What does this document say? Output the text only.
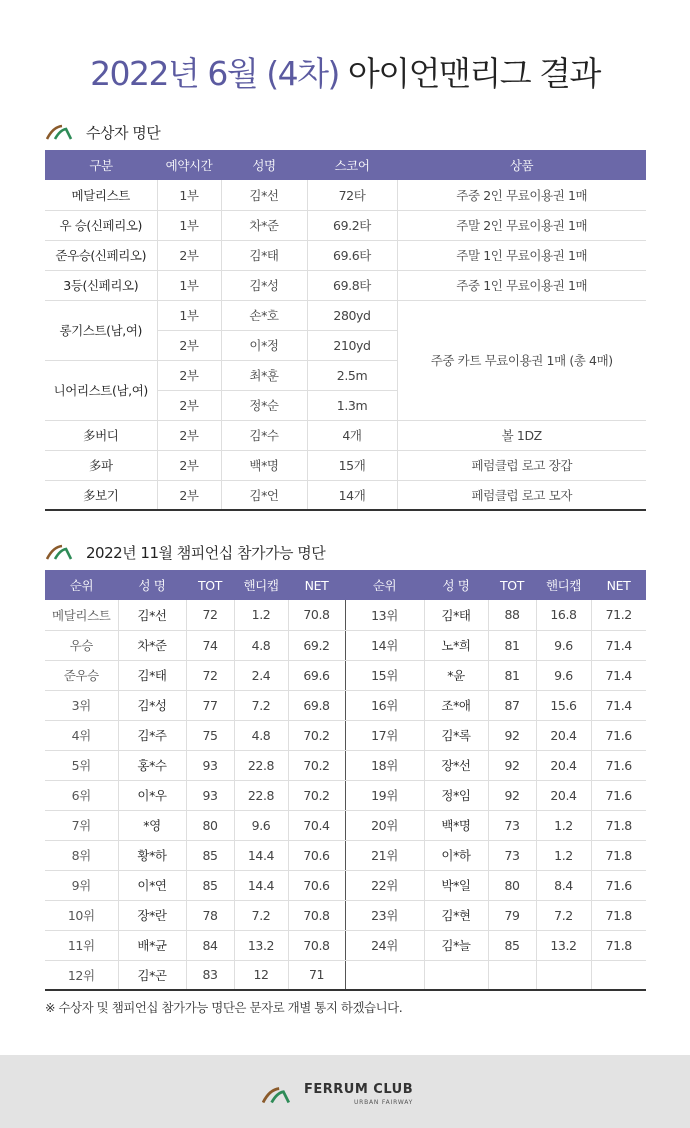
2022년 6월 (4차) 아이언맨리그 결과
수상자 명단
구분	예약시간	성명	스코어	상품
메달리스트	1부	김*선	72타	주중 2인 무료이용권 1매
우 승(신페리오)	1부	차*준	69.2타	주말 2인 무료이용권 1매
준우승(신페리오)	2부	김*태	69.6타	주말 1인 무료이용권 1매
3등(신페리오)	1부	김*성	69.8타	주중 1인 무료이용권 1매
롱기스트(남,여)	1부	손*호	280yd	주중 카트 무료이용권 1매 (총 4매)
	2부	이*정	210yd	
니어리스트(남,여)	2부	최*훈	2.5m	
	2부	정*순	1.3m	
多버디	2부	김*수	4개	볼 1DZ
多파	2부	백*명	15개	페럼클럽 로고 장갑
多보기	2부	김*언	14개	페럼클럽 로고 모자
2022년 11월 챔피언십 참가가능 명단
순위	성 명	TOT	핸디캡	NET	순위	성 명	TOT	핸디캡	NET
메달리스트	김*선	72	1.2	70.8	13위	김*태	88	16.8	71.2
우승	차*준	74	4.8	69.2	14위	노*희	81	9.6	71.4
준우승	김*태	72	2.4	69.6	15위	*윤	81	9.6	71.4
3위	김*성	77	7.2	69.8	16위	조*애	87	15.6	71.4
4위	김*주	75	4.8	70.2	17위	김*록	92	20.4	71.6
5위	홍*수	93	22.8	70.2	18위	장*선	92	20.4	71.6
6위	이*우	93	22.8	70.2	19위	정*임	92	20.4	71.6
7위	*영	80	9.6	70.4	20위	백*명	73	1.2	71.8
8위	황*하	85	14.4	70.6	21위	이*하	73	1.2	71.8
9위	이*연	85	14.4	70.6	22위	박*일	80	8.4	71.6
10위	장*란	78	7.2	70.8	23위	김*현	79	7.2	71.8
11위	배*균	84	13.2	70.8	24위	김*늘	85	13.2	71.8
12위	김*곤	83	12	71					
※ 수상자 및 챔피언십 참가가능 명단은 문자로 개별 통지 하겠습니다.
FERRUM CLUB
URBAN FAIRWAY
